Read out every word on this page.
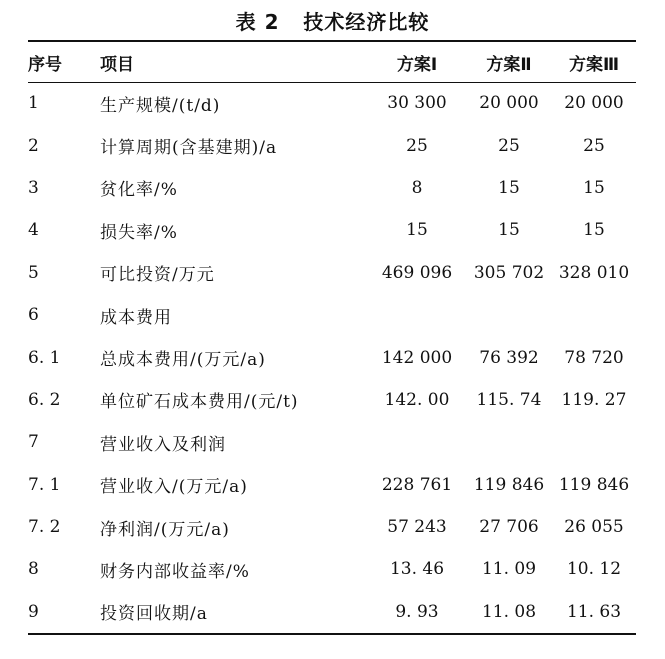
表 2   技术经济比较
序号	项目	方案Ⅰ	方案Ⅱ	方案Ⅲ
1	生产规模/(t/d)	30 300	20 000	20 000
2	计算周期(含基建期)/a	25	25	25
3	贫化率/%	8	15	15
4	损失率/%	15	15	15
5	可比投资/万元	469 096	305 702	328 010
6	成本费用			
6. 1	总成本费用/(万元/a)	142 000	76 392	78 720
6. 2	单位矿石成本费用/(元/t)	142. 00	115. 74	119. 27
7	营业收入及利润			
7. 1	营业收入/(万元/a)	228 761	119 846	119 846
7. 2	净利润/(万元/a)	57 243	27 706	26 055
8	财务内部收益率/%	13. 46	11. 09	10. 12
9	投资回收期/a	9. 93	11. 08	11. 63
